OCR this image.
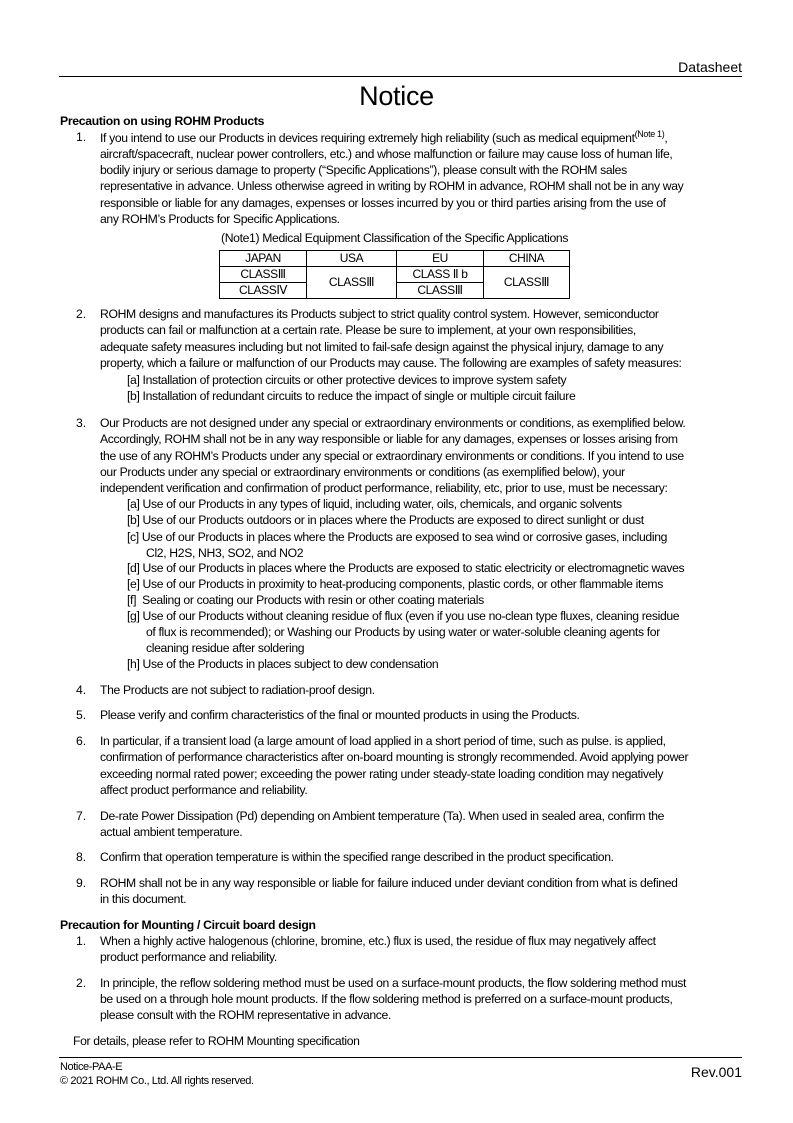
Datasheet
Notice
Precaution on using ROHM Products
1. If you intend to use our Products in devices requiring extremely high reliability (such as medical equipment$^{(Note 1)}$,
aircraft/spacecraft, nuclear power controllers, etc.) and whose malfunction or failure may cause loss of human life,
bodily injury or serious damage to property (“Specific Applications”), please consult with the ROHM sales
representative in advance. Unless otherwise agreed in writing by ROHM in advance, ROHM shall not be in any way
responsible or liable for any damages, expenses or losses incurred by you or third parties arising from the use of
any ROHM’s Products for Specific Applications.
(Note1) Medical Equipment Classification of the Specific Applications
JAPAN	USA	EU	CHINA
CLASSⅢ	CLASSⅢ	CLASS Ⅱ b	CLASSⅢ
CLASSⅣ		CLASSⅢ	
2. ROHM designs and manufactures its Products subject to strict quality control system. However, semiconductor
products can fail or malfunction at a certain rate. Please be sure to implement, at your own responsibilities,
adequate safety measures including but not limited to fail-safe design against the physical injury, damage to any
property, which a failure or malfunction of our Products may cause. The following are examples of safety measures:
[a] Installation of protection circuits or other protective devices to improve system safety
[b] Installation of redundant circuits to reduce the impact of single or multiple circuit failure
3. Our Products are not designed under any special or extraordinary environments or conditions, as exemplified below.
Accordingly, ROHM shall not be in any way responsible or liable for any damages, expenses or losses arising from
the use of any ROHM’s Products under any special or extraordinary environments or conditions. If you intend to use
our Products under any special or extraordinary environments or conditions (as exemplified below), your
independent verification and confirmation of product performance, reliability, etc, prior to use, must be necessary:
[a] Use of our Products in any types of liquid, including water, oils, chemicals, and organic solvents
[b] Use of our Products outdoors or in places where the Products are exposed to direct sunlight or dust
[c] Use of our Products in places where the Products are exposed to sea wind or corrosive gases, including
Cl2, H2S, NH3, SO2, and NO2
[d] Use of our Products in places where the Products are exposed to static electricity or electromagnetic waves
[e] Use of our Products in proximity to heat-producing components, plastic cords, or other flammable items
[f]  Sealing or coating our Products with resin or other coating materials
[g] Use of our Products without cleaning residue of flux (even if you use no-clean type fluxes, cleaning residue
of flux is recommended); or Washing our Products by using water or water-soluble cleaning agents for
cleaning residue after soldering
[h] Use of the Products in places subject to dew condensation
4. The Products are not subject to radiation-proof design.
5. Please verify and confirm characteristics of the final or mounted products in using the Products.
6. In particular, if a transient load (a large amount of load applied in a short period of time, such as pulse. is applied,
confirmation of performance characteristics after on-board mounting is strongly recommended. Avoid applying power
exceeding normal rated power; exceeding the power rating under steady-state loading condition may negatively
affect product performance and reliability.
7. De-rate Power Dissipation (Pd) depending on Ambient temperature (Ta). When used in sealed area, confirm the
actual ambient temperature.
8. Confirm that operation temperature is within the specified range described in the product specification.
9. ROHM shall not be in any way responsible or liable for failure induced under deviant condition from what is defined
in this document.
Precaution for Mounting / Circuit board design
1. When a highly active halogenous (chlorine, bromine, etc.) flux is used, the residue of flux may negatively affect
product performance and reliability.
2. In principle, the reflow soldering method must be used on a surface-mount products, the flow soldering method must
be used on a through hole mount products. If the flow soldering method is preferred on a surface-mount products,
please consult with the ROHM representative in advance.
For details, please refer to ROHM Mounting specification
Notice-PAA-E
© 2021 ROHM Co., Ltd. All rights reserved.
Rev.001
